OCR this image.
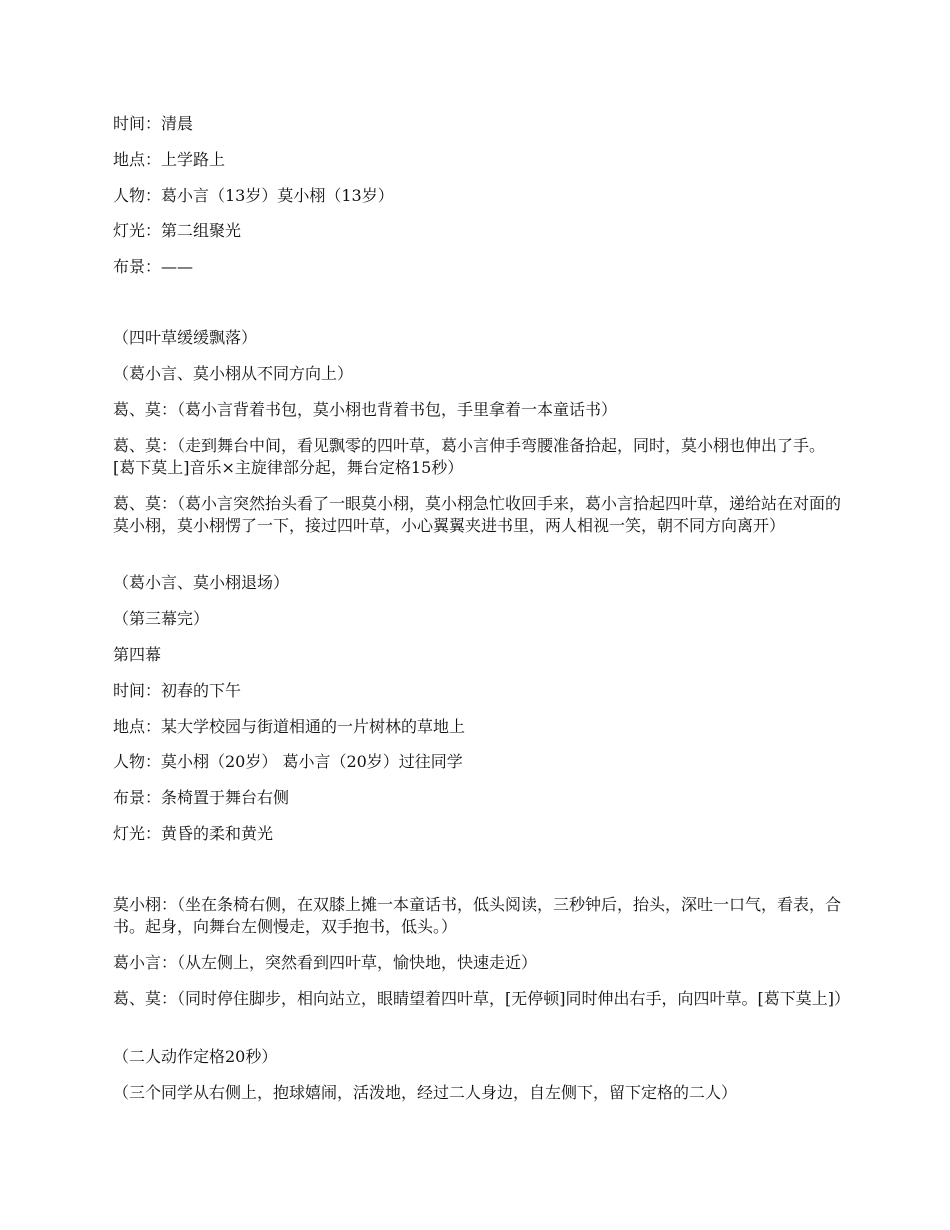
时间：清晨

地点：上学路上

人物：葛小言（13岁）莫小栩（13岁）

灯光：第二组聚光

布景：——

（四叶草缓缓飘落）

（葛小言、莫小栩从不同方向上）

葛、莫：（葛小言背着书包，莫小栩也背着书包，手里拿着一本童话书）

葛、莫：（走到舞台中间，看见飘零的四叶草，葛小言伸手弯腰准备拾起，同时，莫小栩也伸出了手。[葛下莫上]音乐×主旋律部分起，舞台定格15秒）

葛、莫：（葛小言突然抬头看了一眼莫小栩，莫小栩急忙收回手来，葛小言拾起四叶草，递给站在对面的莫小栩，莫小栩愣了一下，接过四叶草，小心翼翼夹进书里，两人相视一笑，朝不同方向离开）

（葛小言、莫小栩退场）

（第三幕完）

第四幕

时间：初春的下午

地点：某大学校园与街道相通的一片树林的草地上

人物：莫小栩（20岁） 葛小言（20岁）过往同学

布景：条椅置于舞台右侧

灯光：黄昏的柔和黄光

莫小栩：（坐在条椅右侧，在双膝上摊一本童话书，低头阅读，三秒钟后，抬头，深吐一口气，看表，合书。起身，向舞台左侧慢走，双手抱书，低头。）

葛小言：（从左侧上，突然看到四叶草，愉快地，快速走近）

葛、莫：（同时停住脚步，相向站立，眼睛望着四叶草，[无停顿]同时伸出右手，向四叶草。[葛下莫上]）

（二人动作定格20秒）

（三个同学从右侧上，抱球嬉闹，活泼地，经过二人身边，自左侧下，留下定格的二人）
